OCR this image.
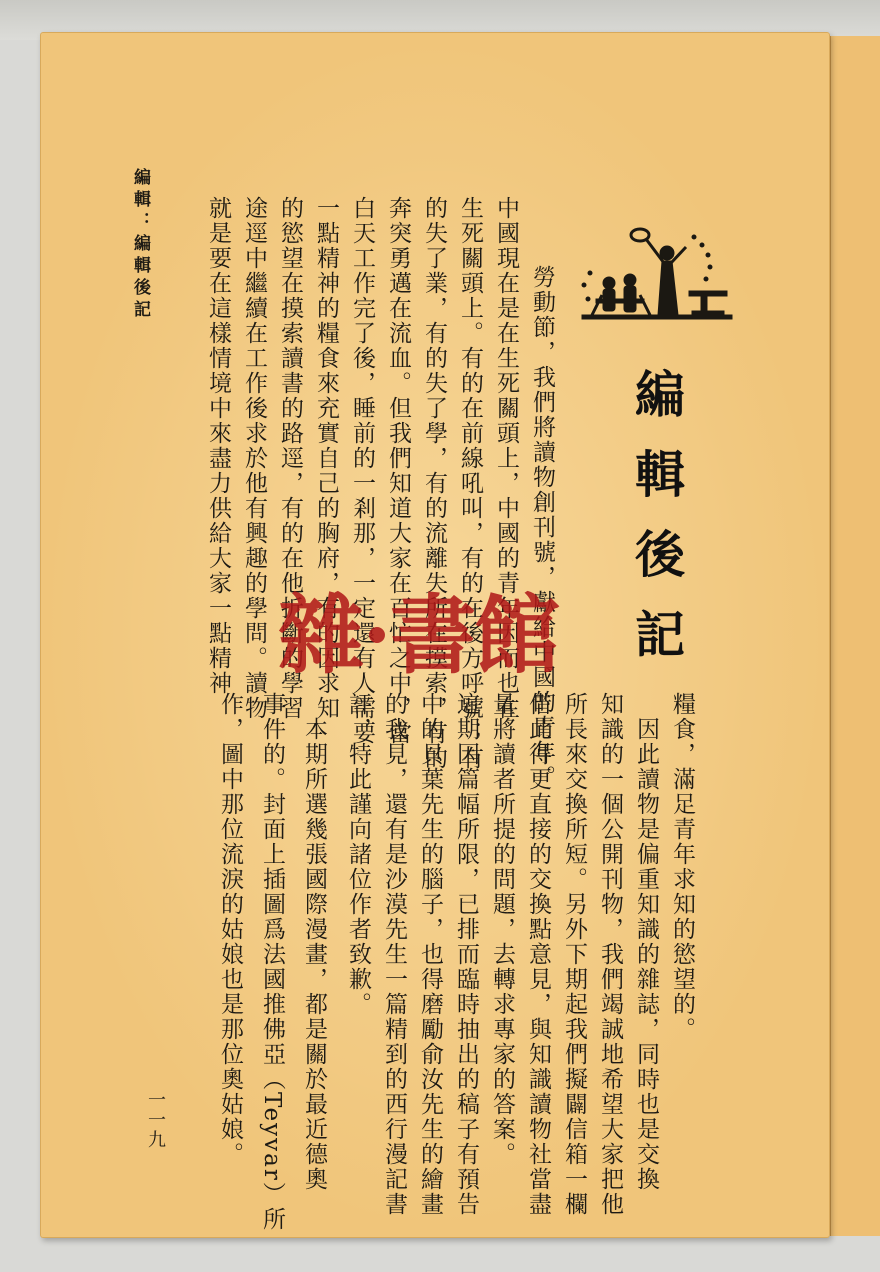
編輯：編輯後記
編輯後記
　勞動節，我們將讀物創刊號，獻給中國的青年。
中國現在是在生死關頭上，中國的青年因而也在
生死關頭上。有的在前線吼叫，有的在後方呼號；有
的失了業，有的失了學，有的流離失所在摸索，有的
奔突勇邁在流血。但我們知道大家在百忙之中，當
白天工作完了後，睡前的一剎那，一定還有人需要
一點精神的糧食來充實自己的胸府，有的因求知
的慾望在摸索讀書的路逕，有的在他折斷的學習
途逕中繼續在工作後求於他有興趣的學問。讀物
就是要在這樣情境中來盡力供給大家一點精神
糧食，滿足青年求知的慾望的。
　因此讀物是偏重知識的雜誌，同時也是交換
知識的一個公開刊物，我們竭誠地希望大家把他
所長來交換所短。另外下期起我們擬闢信箱一欄
借此得更直接的交換點意見，與知識讀物社當盡
量將讀者所提的問題，去轉求專家的答案。
這期因篇幅所限，已排而臨時抽出的稿子有預告
中的貝葉先生的腦子，也得磨勵俞汝先生的繪畫
的我見，還有是沙漠先生一篇精到的西行漫記書
評，特此謹向諸位作者致歉。
　本期所選幾張國際漫畫，都是關於最近德奧
事件的。封面上插圖爲法國推佛亞（Teyvar）所
作，圖中那位流淚的姑娘也是那位奧姑娘。
一一九
雜·書館
